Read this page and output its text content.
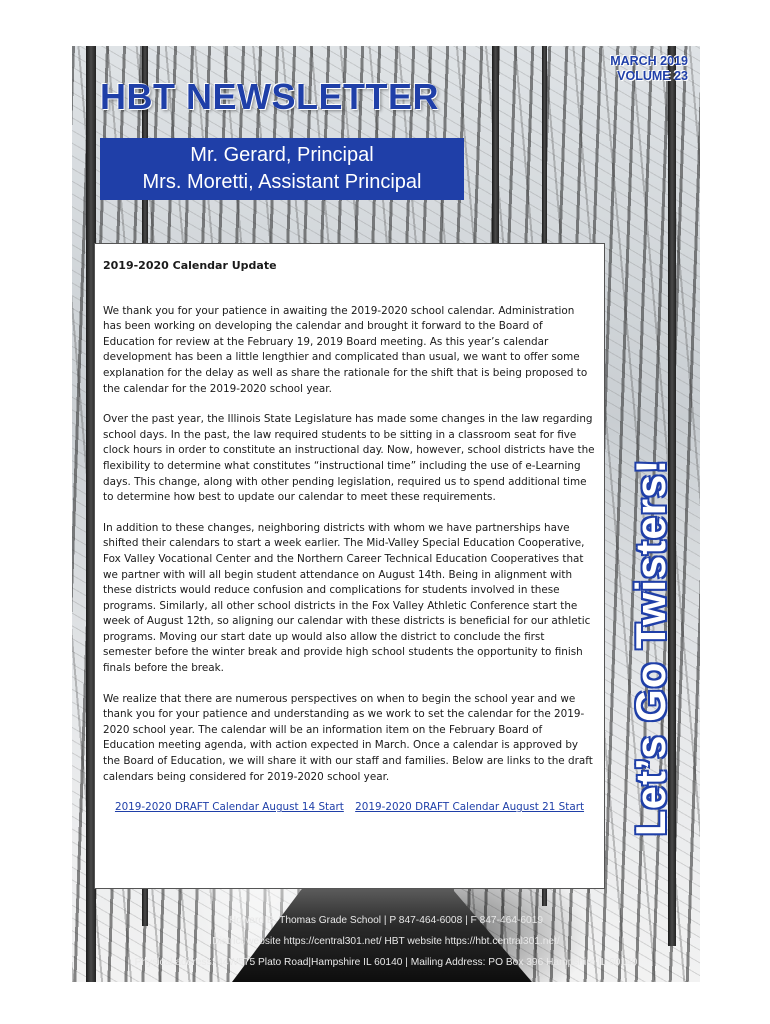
MARCH 2019
VOLUME 23
HBT NEWSLETTER
Mr. Gerard, Principal
Mrs. Moretti, Assistant Principal
2019-2020 Calendar Update

We thank you for your patience in awaiting the 2019-2020 school calendar. Administration has been working on developing the calendar and brought it forward to the Board of Education for review at the February 19, 2019 Board meeting. As this year’s calendar development has been a little lengthier and complicated than usual, we want to offer some explanation for the delay as well as share the rationale for the shift that is being proposed to the calendar for the 2019-2020 school year.

Over the past year, the Illinois State Legislature has made some changes in the law regarding school days. In the past, the law required students to be sitting in a classroom seat for five clock hours in order to constitute an instructional day. Now, however, school districts have the flexibility to determine what constitutes “instructional time” including the use of e-Learning days. This change, along with other pending legislation, required us to spend additional time to determine how best to update our calendar to meet these requirements.

In addition to these changes, neighboring districts with whom we have partnerships have shifted their calendars to start a week earlier. The Mid-Valley Special Education Cooperative, Fox Valley Vocational Center and the Northern Career Technical Education Cooperatives that we partner with will all begin student attendance on August 14th. Being in alignment with these districts would reduce confusion and complications for students involved in these programs. Similarly, all other school districts in the Fox Valley Athletic Conference start the week of August 12th, so aligning our calendar with these districts is beneficial for our athletic programs. Moving our start date up would also allow the district to conclude the first semester before the winter break and provide high school students the opportunity to finish finals before the break.

We realize that there are numerous perspectives on when to begin the school year and we thank you for your patience and understanding as we work to set the calendar for the 2019-2020 school year. The calendar will be an information item on the February Board of Education meeting agenda, with action expected in March. Once a calendar is approved by the Board of Education, we will share it with our staff and families. Below are links to the draft calendars being considered for 2019-2020 school year.

2019-2020 DRAFT Calendar August 14 Start 2019-2020 DRAFT Calendar August 21 Start Let’s Go Twisters!
Howard B. Thomas Grade School | P 847-464-6008 | F 847-464-6019
District website https://central301.net/ HBT website https://hbt.central301.net/
Physical address: 44W575 Plato Road|Hampshire IL 60140 | Mailing Address: PO Box 396 Hampshire IL 60140
